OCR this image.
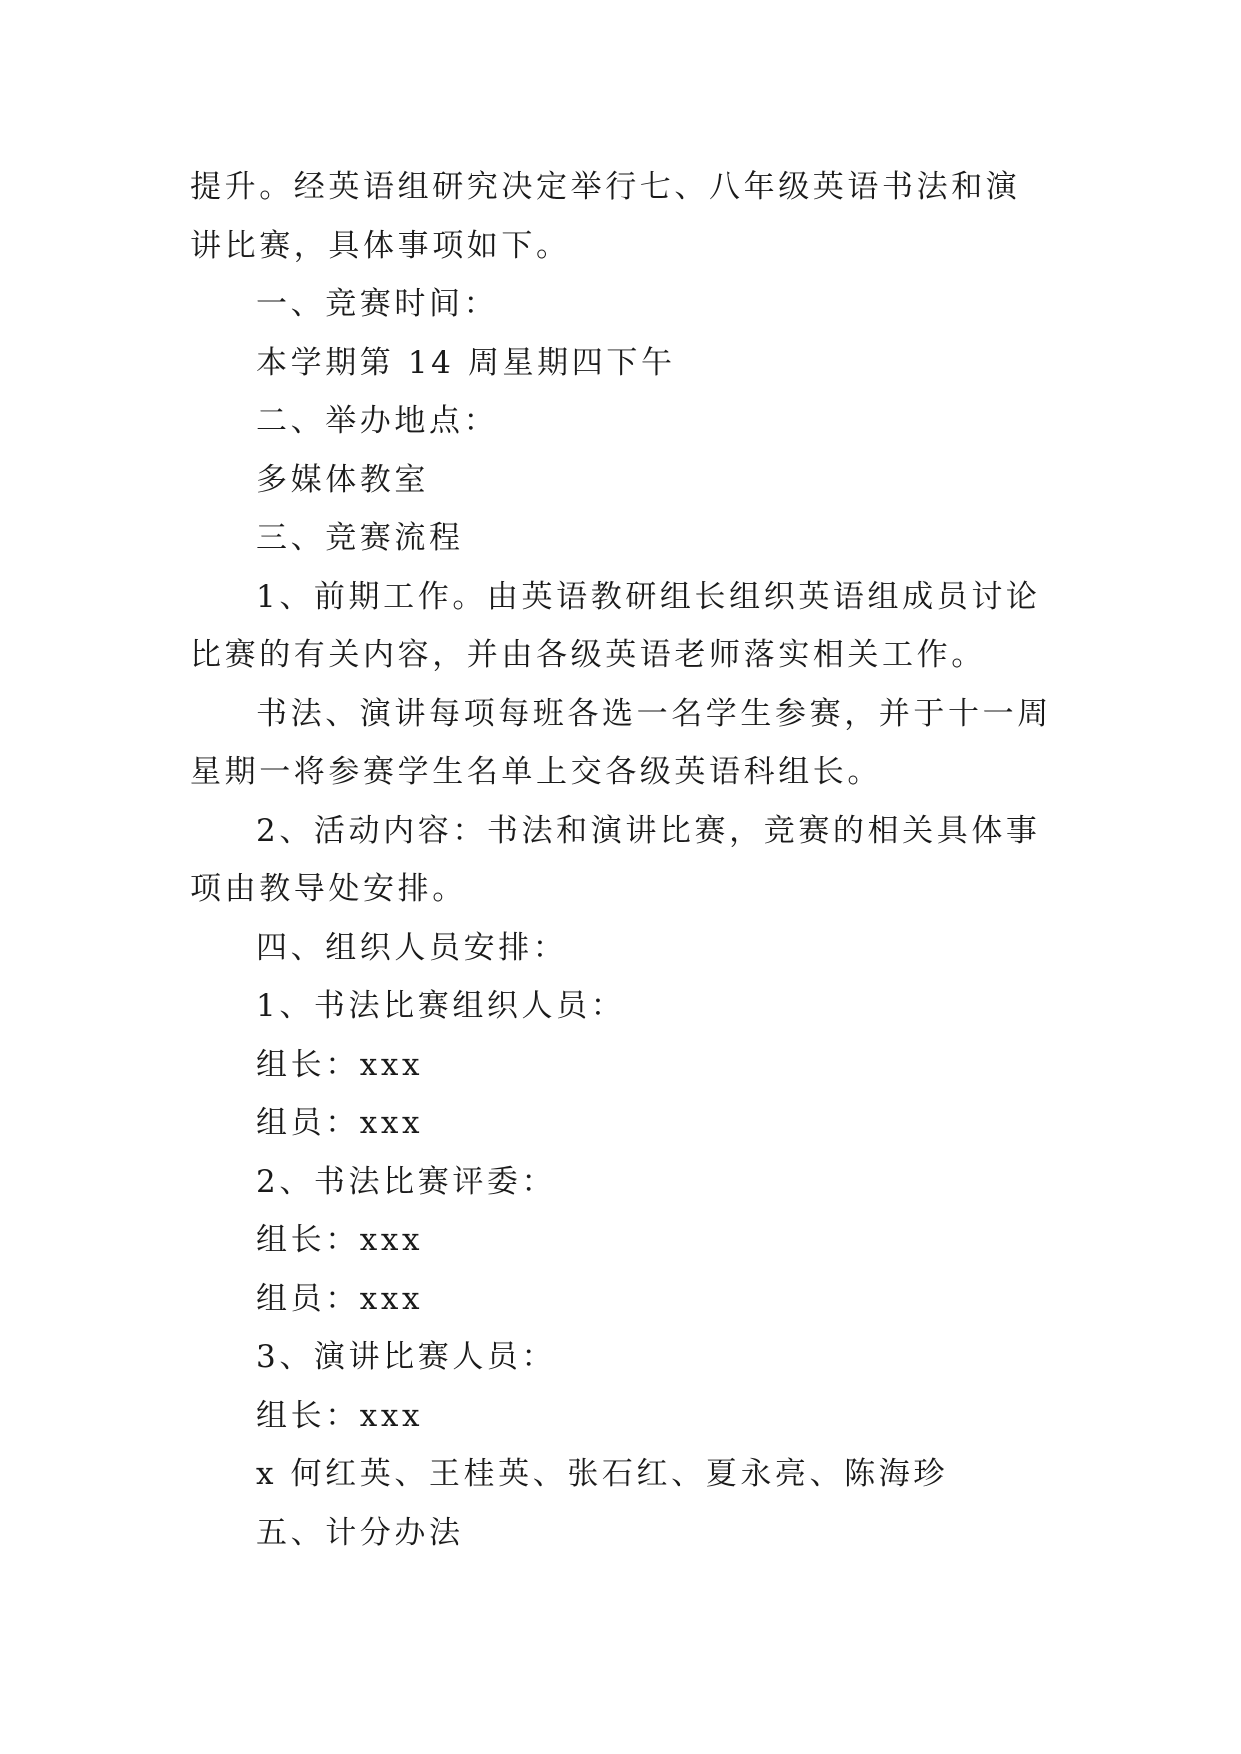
提升。经英语组研究决定举行七、八年级英语书法和演讲比赛，具体事项如下。

一、竞赛时间：

本学期第 14 周星期四下午

二、举办地点：

多媒体教室

三、竞赛流程

1、前期工作。由英语教研组长组织英语组成员讨论比赛的有关内容，并由各级英语老师落实相关工作。

书法、演讲每项每班各选一名学生参赛，并于十一周星期一将参赛学生名单上交各级英语科组长。

2、活动内容：书法和演讲比赛，竞赛的相关具体事项由教导处安排。

四、组织人员安排：

1、书法比赛组织人员：

组长：xxx

组员：xxx

2、书法比赛评委：

组长：xxx

组员：xxx

3、演讲比赛人员：

组长：xxx

x 何红英、王桂英、张石红、夏永亮、陈海珍

五、计分办法
